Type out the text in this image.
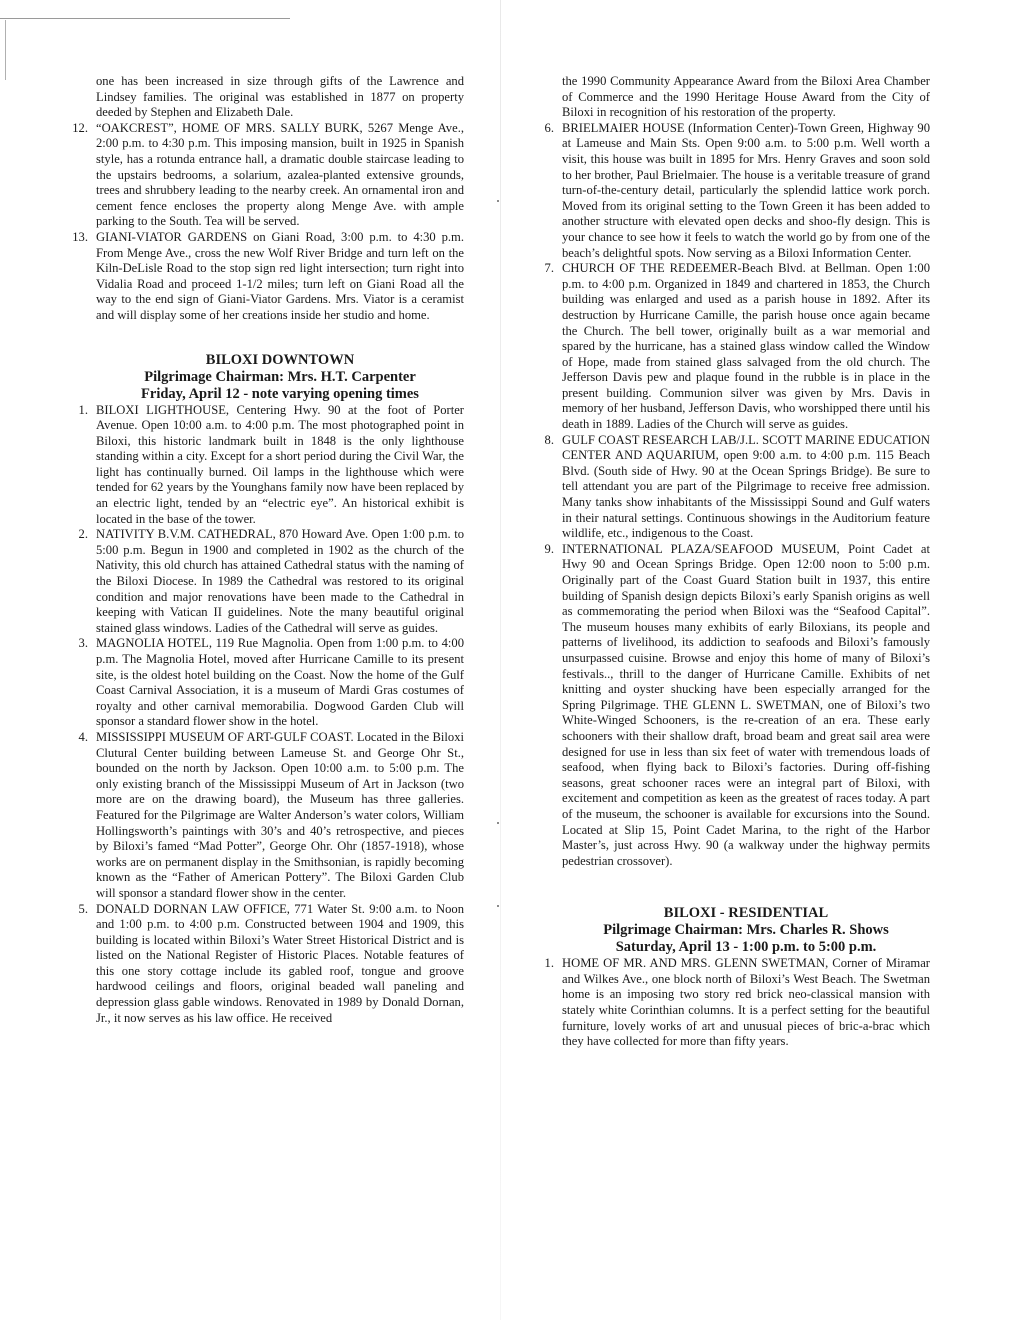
one has been increased in size through gifts of the Lawrence and Lindsey families. The original was established in 1877 on property deeded by Stephen and Elizabeth Dale.

12. “OAKCREST”, HOME OF MRS. SALLY BURK, 5267 Menge Ave., 2:00 p.m. to 4:30 p.m. This imposing mansion, built in 1925 in Spanish style, has a rotunda entrance hall, a dramatic double staircase leading to the upstairs bedrooms, a solarium, azalea-planted extensive grounds, trees and shrubbery leading to the nearby creek. An ornamental iron and cement fence encloses the property along Menge Ave. with ample parking to the South. Tea will be served.

13. GIANI-VIATOR GARDENS on Giani Road, 3:00 p.m. to 4:30 p.m. From Menge Ave., cross the new Wolf River Bridge and turn left on the Kiln-DeLisle Road to the stop sign red light intersection; turn right into Vidalia Road and proceed 1-1/2 miles; turn left on Giani Road all the way to the end sign of Giani-Viator Gardens. Mrs. Viator is a ceramist and will display some of her creations inside her studio and home.

BILOXI DOWNTOWN

Pilgrimage Chairman: Mrs. H.T. Carpenter

Friday, April 12 - note varying opening times

1. BILOXI LIGHTHOUSE, Centering Hwy. 90 at the foot of Porter Avenue. Open 10:00 a.m. to 4:00 p.m. The most photographed point in Biloxi, this historic landmark built in 1848 is the only lighthouse standing within a city. Except for a short period during the Civil War, the light has continually burned. Oil lamps in the lighthouse which were tended for 62 years by the Younghans family now have been replaced by an electric light, tended by an “electric eye”. An historical exhibit is located in the base of the tower.

2. NATIVITY B.V.M. CATHEDRAL, 870 Howard Ave. Open 1:00 p.m. to 5:00 p.m. Begun in 1900 and completed in 1902 as the church of the Nativity, this old church has attained Cathedral status with the naming of the Biloxi Diocese. In 1989 the Cathedral was restored to its original condition and major renovations have been made to the Cathedral in keeping with Vatican II guidelines. Note the many beautiful original stained glass windows. Ladies of the Cathedral will serve as guides.

3. MAGNOLIA HOTEL, 119 Rue Magnolia. Open from 1:00 p.m. to 4:00 p.m. The Magnolia Hotel, moved after Hurricane Camille to its present site, is the oldest hotel building on the Coast. Now the home of the Gulf Coast Carnival Association, it is a museum of Mardi Gras costumes of royalty and other carnival memorabilia. Dogwood Garden Club will sponsor a standard flower show in the hotel.

4. MISSISSIPPI MUSEUM OF ART-GULF COAST. Located in the Biloxi Clutural Center building between Lameuse St. and George Ohr St., bounded on the north by Jackson. Open 10:00 a.m. to 5:00 p.m. The only existing branch of the Mississippi Museum of Art in Jackson (two more are on the drawing board), the Museum has three galleries. Featured for the Pilgrimage are Walter Anderson’s water colors, William Hollingsworth’s paintings with 30’s and 40’s retrospective, and pieces by Biloxi’s famed “Mad Potter”, George Ohr. Ohr (1857-1918), whose works are on permanent display in the Smithsonian, is rapidly becoming known as the “Father of American Pottery”. The Biloxi Garden Club will sponsor a standard flower show in the center.

5. DONALD DORNAN LAW OFFICE, 771 Water St. 9:00 a.m. to Noon and 1:00 p.m. to 4:00 p.m. Constructed between 1904 and 1909, this building is located within Biloxi’s Water Street Historical District and is listed on the National Register of Historic Places. Notable features of this one story cottage include its gabled roof, tongue and groove hardwood ceilings and floors, original beaded wall paneling and depression glass gable windows. Renovated in 1989 by Donald Dornan, Jr., it now serves as his law office. He received

the 1990 Community Appearance Award from the Biloxi Area Chamber of Commerce and the 1990 Heritage House Award from the City of Biloxi in recognition of his restoration of the property.

6. BRIELMAIER HOUSE (Information Center)-Town Green, Highway 90 at Lameuse and Main Sts. Open 9:00 a.m. to 5:00 p.m. Well worth a visit, this house was built in 1895 for Mrs. Henry Graves and soon sold to her brother, Paul Brielmaier. The house is a veritable treasure of grand turn-of-the-century detail, particularly the splendid lattice work porch. Moved from its original setting to the Town Green it has been added to another structure with elevated open decks and shoo-fly design. This is your chance to see how it feels to watch the world go by from one of the beach’s delightful spots. Now serving as a Biloxi Information Center.

7. CHURCH OF THE REDEEMER-Beach Blvd. at Bellman. Open 1:00 p.m. to 4:00 p.m. Organized in 1849 and chartered in 1853, the Church building was enlarged and used as a parish house in 1892. After its destruction by Hurricane Camille, the parish house once again became the Church. The bell tower, originally built as a war memorial and spared by the hurricane, has a stained glass window called the Window of Hope, made from stained glass salvaged from the old church. The Jefferson Davis pew and plaque found in the rubble is in place in the present building. Communion silver was given by Mrs. Davis in memory of her husband, Jefferson Davis, who worshipped there until his death in 1889. Ladies of the Church will serve as guides.

8. GULF COAST RESEARCH LAB/J.L. SCOTT MARINE EDUCATION CENTER AND AQUARIUM, open 9:00 a.m. to 4:00 p.m. 115 Beach Blvd. (South side of Hwy. 90 at the Ocean Springs Bridge). Be sure to tell attendant you are part of the Pilgrimage to receive free admission. Many tanks show inhabitants of the Mississippi Sound and Gulf waters in their natural settings. Continuous showings in the Auditorium feature wildlife, etc., indigenous to the Coast.

9. INTERNATIONAL PLAZA/SEAFOOD MUSEUM, Point Cadet at Hwy 90 and Ocean Springs Bridge. Open 12:00 noon to 5:00 p.m. Originally part of the Coast Guard Station built in 1937, this entire building of Spanish design depicts Biloxi’s early Spanish origins as well as commemorating the period when Biloxi was the “Seafood Capital”. The museum houses many exhibits of early Biloxians, its people and patterns of livelihood, its addiction to seafoods and Biloxi’s famously unsurpassed cuisine. Browse and enjoy this home of many of Biloxi’s festivals.., thrill to the danger of Hurricane Camille. Exhibits of net knitting and oyster shucking have been especially arranged for the Spring Pilgrimage. THE GLENN L. SWETMAN, one of Biloxi’s two White-Winged Schooners, is the re-creation of an era. These early schooners with their shallow draft, broad beam and great sail area were designed for use in less than six feet of water with tremendous loads of seafood, when flying back to Biloxi’s factories. During off-fishing seasons, great schooner races were an integral part of Biloxi, with excitement and competition as keen as the greatest of races today. A part of the museum, the schooner is available for excursions into the Sound. Located at Slip 15, Point Cadet Marina, to the right of the Harbor Master’s, just across Hwy. 90 (a walkway under the highway permits pedestrian crossover).

BILOXI - RESIDENTIAL

Pilgrimage Chairman: Mrs. Charles R. Shows

Saturday, April 13 - 1:00 p.m. to 5:00 p.m.

1. HOME OF MR. AND MRS. GLENN SWETMAN, Corner of Miramar and Wilkes Ave., one block north of Biloxi’s West Beach. The Swetman home is an imposing two story red brick neo-classical mansion with stately white Corinthian columns. It is a perfect setting for the beautiful furniture, lovely works of art and unusual pieces of bric-a-brac which they have collected for more than fifty years.
